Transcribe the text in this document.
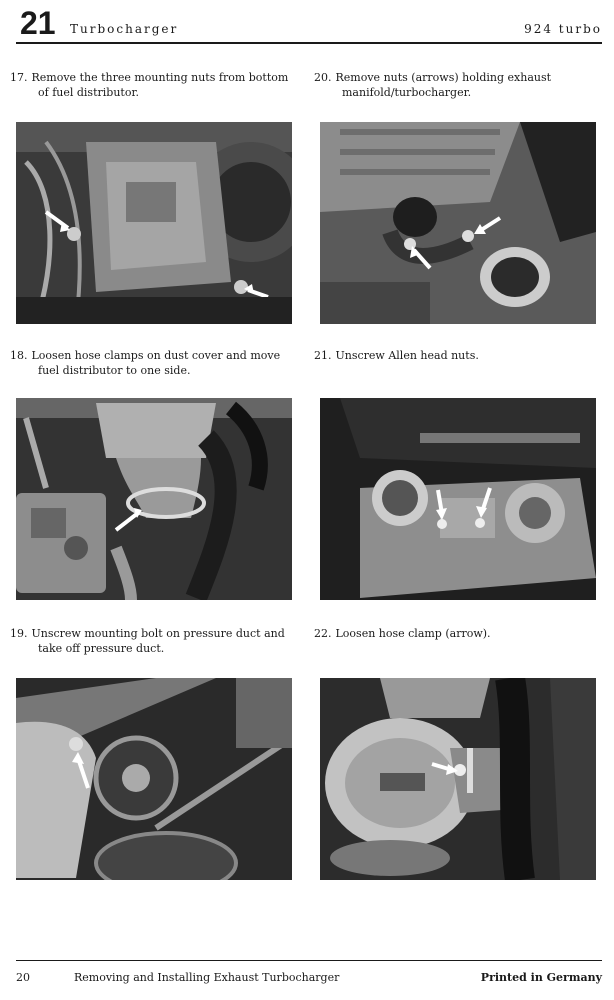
21 Turbocharger	924 turbo
17. Remove the three mounting nuts from bottom of fuel distributor.
18. Loosen hose clamps on dust cover and move fuel distributor to one side.
19. Unscrew mounting bolt on pressure duct and take off pressure duct.
20. Remove nuts (arrows) holding exhaust manifold/turbocharger.
21. Unscrew Allen head nuts.
22. Loosen hose clamp (arrow).
20	Removing and Installing Exhaust Turbocharger	Printed in Germany
